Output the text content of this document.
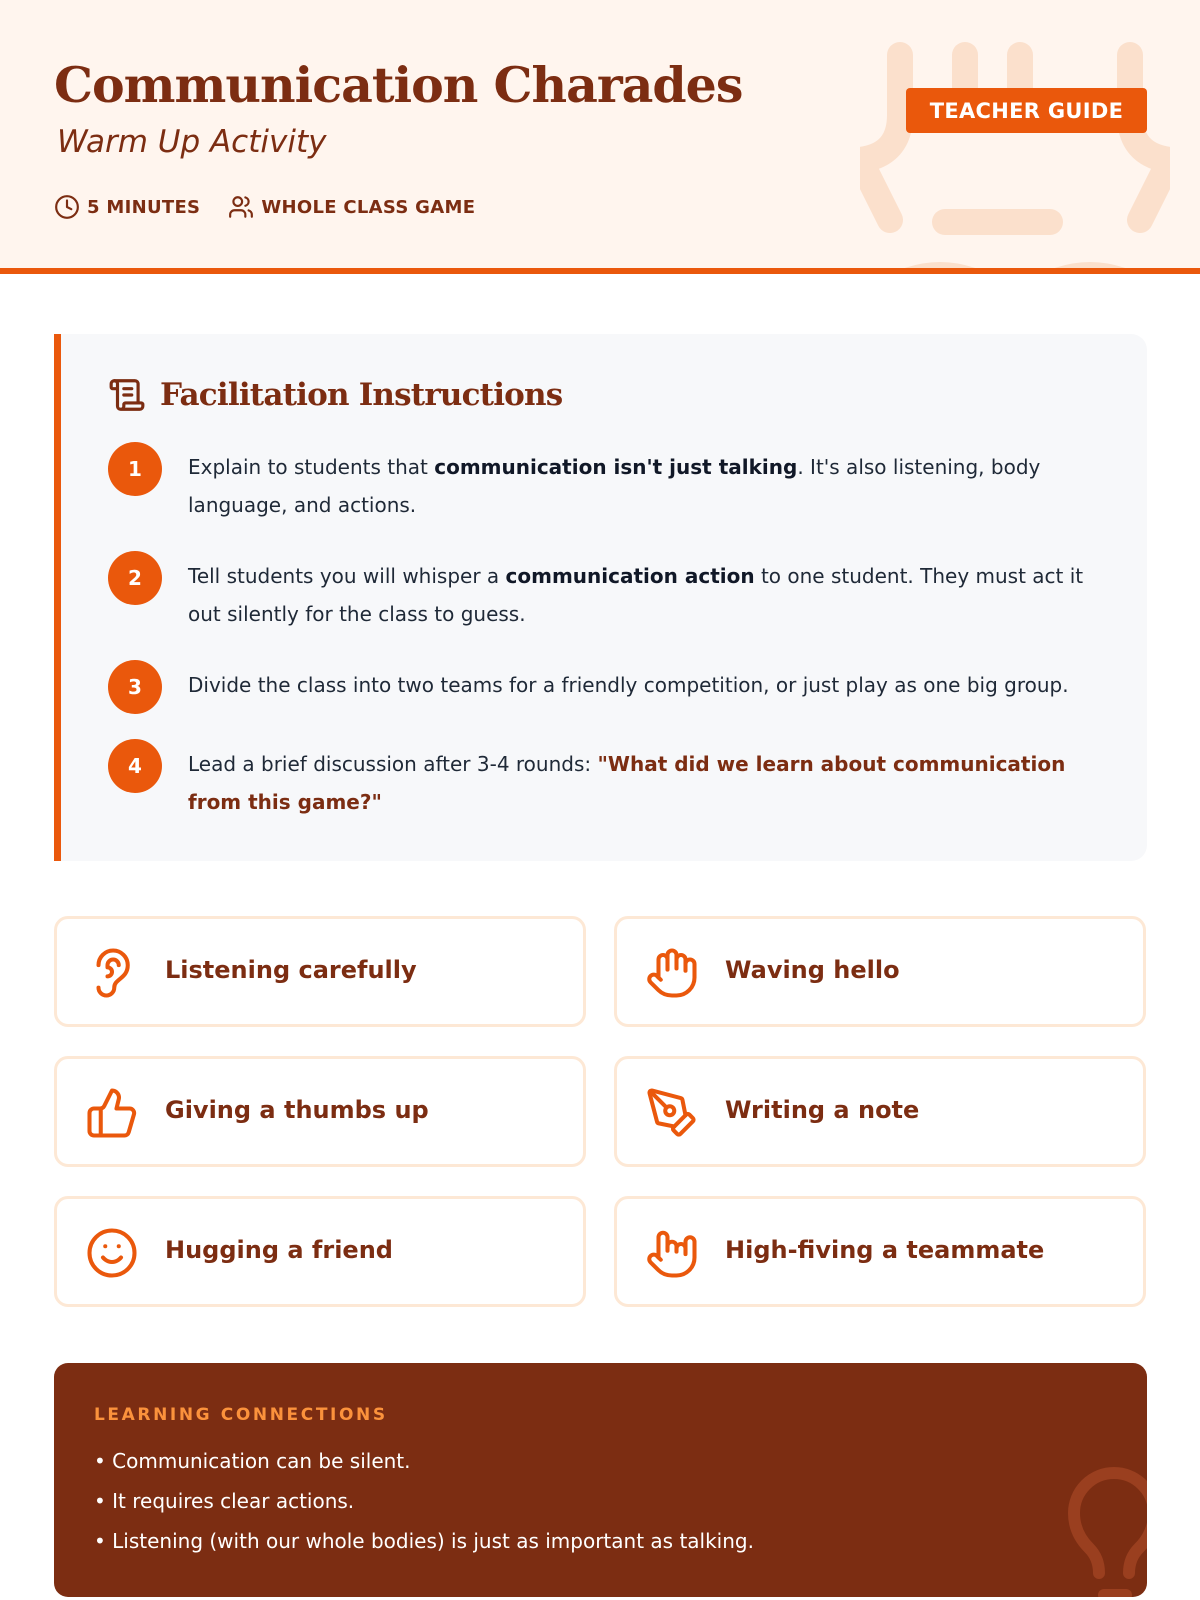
Communication Charades
Warm Up Activity
5 MINUTES	WHOLE CLASS GAME
TEACHER GUIDE
Facilitation Instructions
1	Explain to students that communication isn't just talking. It's also listening, body language, and actions.
2	Tell students you will whisper a communication action to one student. They must act it out silently for the class to guess.
3	Divide the class into two teams for a friendly competition, or just play as one big group.
4	Lead a brief discussion after 3-4 rounds: "What did we learn about communication from this game?"
Listening carefully	Waving hello
Giving a thumbs up	Writing a note
Hugging a friend	High-fiving a teammate
LEARNING CONNECTIONS
• Communication can be silent.
• It requires clear actions.
• Listening (with our whole bodies) is just as important as talking.
